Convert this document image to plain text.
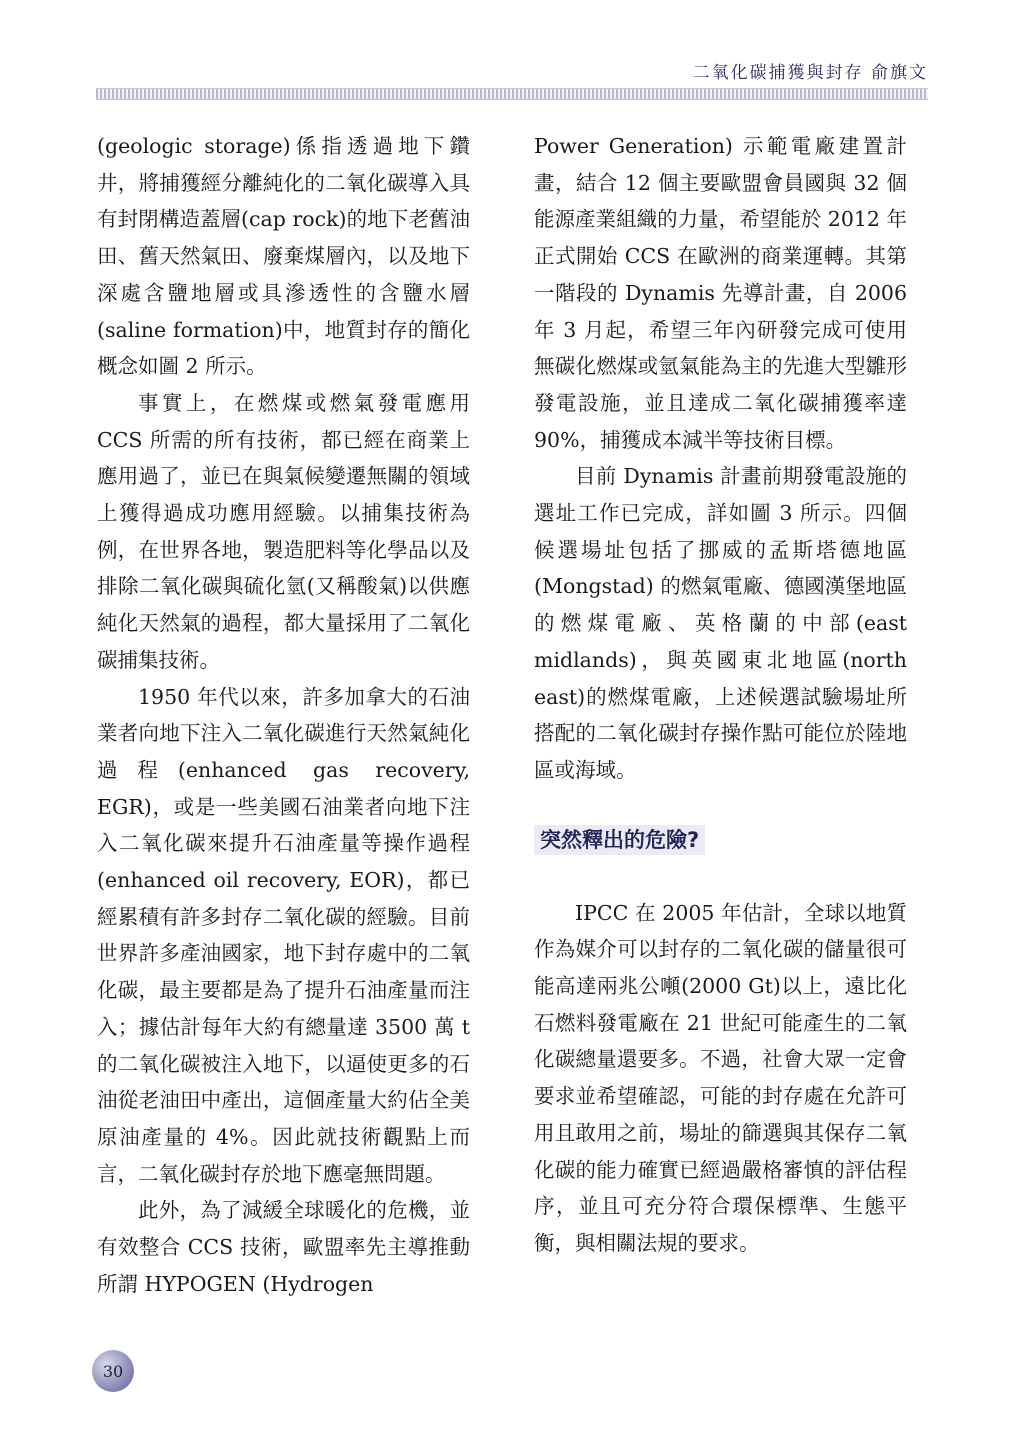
二氧化碳捕獲與封存 俞旗文

(geologic storage)係指透過地下鑽井，將捕獲經分離純化的二氧化碳導入具有封閉構造蓋層(cap rock)的地下老舊油田、舊天然氣田、廢棄煤層內，以及地下深處含鹽地層或具滲透性的含鹽水層(saline formation)中，地質封存的簡化概念如圖 2 所示。

事實上，在燃煤或燃氣發電應用 CCS 所需的所有技術，都已經在商業上應用過了，並已在與氣候變遷無關的領域上獲得過成功應用經驗。以捕集技術為例，在世界各地，製造肥料等化學品以及排除二氧化碳與硫化氫(又稱酸氣)以供應純化天然氣的過程，都大量採用了二氧化碳捕集技術。

1950 年代以來，許多加拿大的石油業者向地下注入二氧化碳進行天然氣純化過程(enhanced gas recovery, EGR)，或是一些美國石油業者向地下注入二氧化碳來提升石油產量等操作過程(enhanced oil recovery, EOR)，都已經累積有許多封存二氧化碳的經驗。目前世界許多產油國家，地下封存處中的二氧化碳，最主要都是為了提升石油產量而注入；據估計每年大約有總量達 3500 萬 t 的二氧化碳被注入地下，以逼使更多的石油從老油田中產出，這個產量大約佔全美原油產量的 4%。因此就技術觀點上而言，二氧化碳封存於地下應毫無問題。

此外，為了減緩全球暖化的危機，並有效整合 CCS 技術，歐盟率先主導推動所謂 HYPOGEN (Hydrogen

Power Generation) 示範電廠建置計畫，結合 12 個主要歐盟會員國與 32 個能源產業組織的力量，希望能於 2012 年正式開始 CCS 在歐洲的商業運轉。其第一階段的 Dynamis 先導計畫，自 2006 年 3 月起，希望三年內研發完成可使用無碳化燃煤或氫氣能為主的先進大型雛形發電設施，並且達成二氧化碳捕獲率達 90%，捕獲成本減半等技術目標。

目前 Dynamis 計畫前期發電設施的選址工作已完成，詳如圖 3 所示。四個候選場址包括了挪威的孟斯塔德地區(Mongstad) 的燃氣電廠、德國漢堡地區的燃煤電廠、英格蘭的中部(east midlands)，與英國東北地區(north east)的燃煤電廠，上述候選試驗場址所搭配的二氧化碳封存操作點可能位於陸地區或海域。

突然釋出的危險?

IPCC 在 2005 年估計，全球以地質作為媒介可以封存的二氧化碳的儲量很可能高達兩兆公噸(2000 Gt)以上，遠比化石燃料發電廠在 21 世紀可能產生的二氧化碳總量還要多。不過，社會大眾一定會要求並希望確認，可能的封存處在允許可用且敢用之前，場址的篩選與其保存二氧化碳的能力確實已經過嚴格審慎的評估程序，並且可充分符合環保標準、生態平衡，與相關法規的要求。

30
